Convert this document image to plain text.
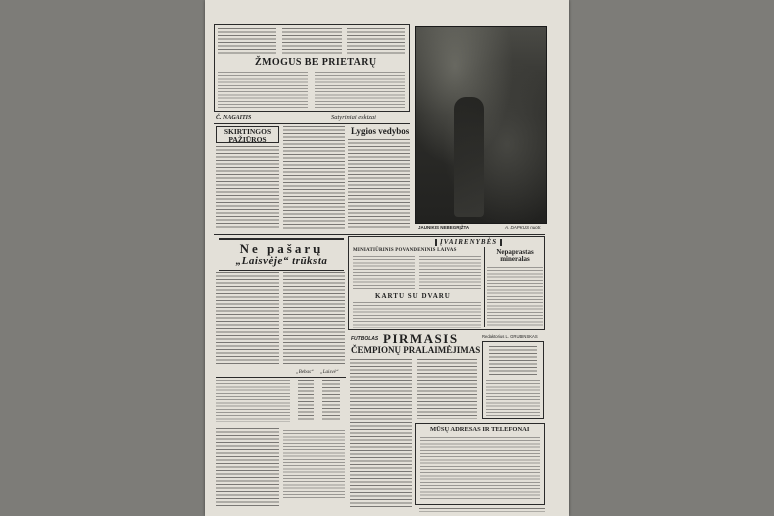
ŽMOGUS BE PRIETARŲ
JAUNIKIS NEBEGRĮŽTA	A. DAPKUS nuotr.
Č. NAGAITIS	Satyriniai eskizai
SKIRTINGOS PAŽIŪROS
Lygios vedybos
Ne pašarų
„Laisvėje“ trūksta
„Bebas“ „Laisvė“
ĮVAIRENYBĖS
MINIATIŪRINIS POVANDENINIS LAIVAS
KARTU SU DVARU
Nepaprastas mineralas
FUTBOLAS PIRMASIS
ČEMPIONŲ PRALAIMĖJIMAS
Redaktorius L. GRUBINSKAS
MŪSŲ ADRESAS IR TELEFONAI
